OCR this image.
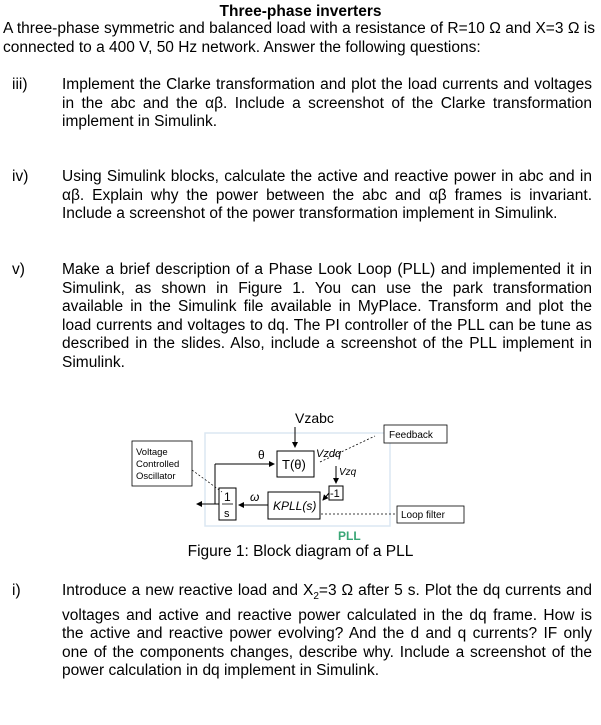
Three-phase inverters
A three-phase symmetric and balanced load with a resistance of R=10 Ω and X=3 Ω is connected to a 400 V, 50 Hz network. Answer the following questions:
iii) Implement the Clarke transformation and plot the load currents and voltages in the abc and the αβ. Include a screenshot of the Clarke transformation implement in Simulink.
iv) Using Simulink blocks, calculate the active and reactive power in abc and in αβ. Explain why the power between the abc and αβ frames is invariant. Include a screenshot of the power transformation implement in Simulink.
v) Make a brief description of a Phase Look Loop (PLL) and implemented it in Simulink, as shown in Figure 1. You can use the park transformation available in the Simulink file available in MyPlace. Transform and plot the load currents and voltages to dq. The PI controller of the PLL can be tune as described in the slides. Also, include a screenshot of the PLL implement in Simulink.
Vzabc
T(θ)
θ	Vzdq
Vzq
-1
KPLL(s)
ω
1
s
Voltage
Controlled
Oscillator
Feedback
Loop filter
PLL
Figure 1: Block diagram of a PLL
i)	Introduce a new reactive load and $X_2=3$ Ω after 5 s. Plot the dq currents and voltages and active and reactive power calculated in the dq frame. How is the active and reactive power evolving? And the d and q currents? IF only one of the components changes, describe why. Include a screenshot of the power calculation in dq implement in Simulink.
